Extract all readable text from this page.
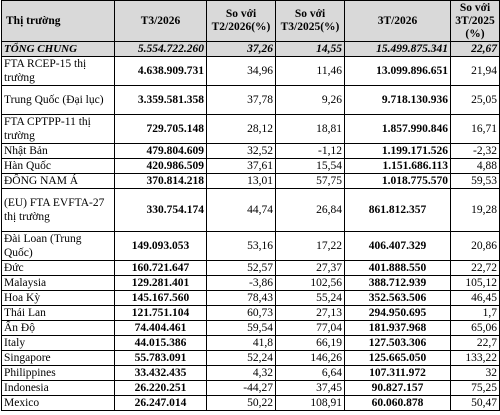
Thị trường	T3/2026	So với T2/2026(%)	So với T3/2025(%)	3T/2026	So với 3T/2025 (%)
TỔNG CHUNG	5.554.722.260	37,26	14,55	15.499.875.341	22,67
FTA RCEP-15 thị trường	4.638.909.731	34,96	11,46	13.099.896.651	21,94
Trung Quốc (Đại lục)	3.359.581.358	37,78	9,26	9.718.130.936	25,05
FTA CPTPP-11 thị trường	729.705.148	28,12	18,81	1.857.990.846	16,71
Nhật Bản	479.804.609	32,52	-1,12	1.199.171.526	-2,32
Hàn Quốc	420.986.509	37,61	15,54	1.151.686.113	4,88
ĐÔNG NAM Á	370.814.218	13,01	57,75	1.018.775.570	59,53
(EU) FTA EVFTA-27 thị trường	330.754.174	44,74	26,84	861.812.357	19,28
Đài Loan (Trung Quốc)	149.093.053	53,16	17,22	406.407.329	20,86
Đức	160.721.647	52,57	27,37	401.888.550	22,72
Malaysia	129.281.401	-3,86	102,56	388.712.939	105,12
Hoa Kỳ	145.167.560	78,43	55,24	352.563.506	46,45
Thái Lan	121.751.104	60,73	27,13	294.950.695	1,7
Ấn Độ	74.404.461	59,54	77,04	181.937.968	65,06
Italy	44.015.386	41,8	66,19	127.503.306	22,7
Singapore	55.783.091	52,24	146,26	125.665.050	133,22
Philippines	33.432.435	4,32	6,64	107.311.972	32
Indonesia	26.220.251	-44,27	37,45	90.827.157	75,25
Mexico	26.247.014	50,22	108,91	60.060.878	50,47
